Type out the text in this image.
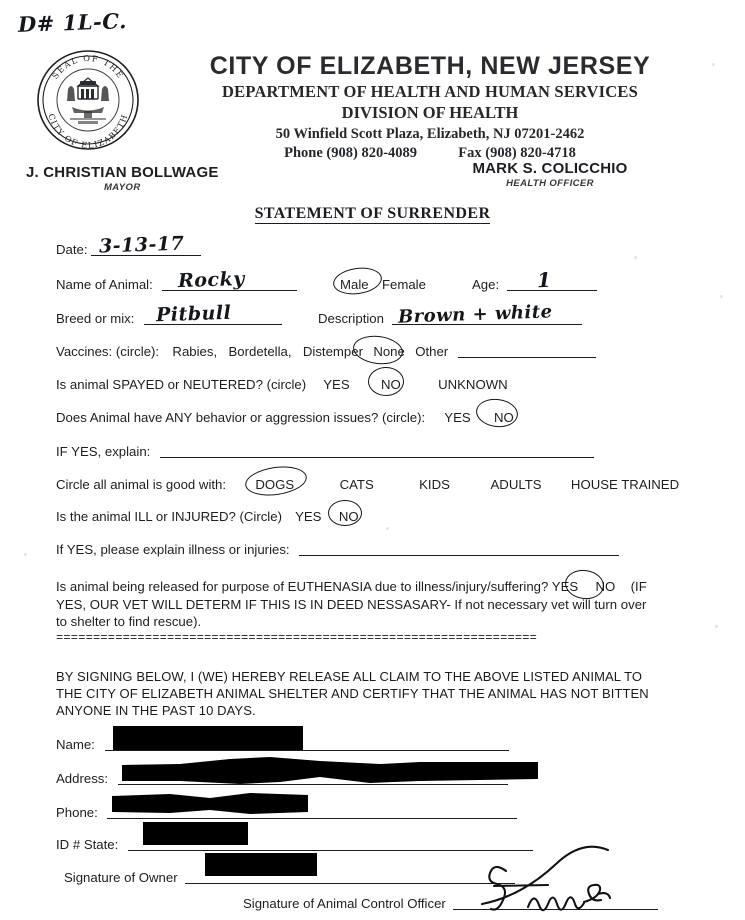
D# 1L-C.
SEAL OF THE
CITY OF ELIZABETH
CITY OF ELIZABETH, NEW JERSEY
DEPARTMENT OF HEALTH AND HUMAN SERVICES
DIVISION OF HEALTH
50 Winfield Scott Plaza, Elizabeth, NJ 07201-2462
Phone (908) 820-4089	Fax (908) 820-4718
J. CHRISTIAN BOLLWAGE
MAYOR
MARK S. COLICCHIO
HEALTH OFFICER
STATEMENT OF SURRENDER
Date: 3-13-17
Name of Animal: Rocky	Male Female	Age: 1
Breed or mix: Pitbull	Description Brown + white
Vaccines: (circle): Rabies, Bordetella, Distemper None Other
Is animal SPAYED or NEUTERED? (circle) YES NO	UNKNOWN
Does Animal have ANY behavior or aggression issues? (circle): YES NO
IF YES, explain:
Circle all animal is good with: DOGS	CATS	KIDS	ADULTS HOUSE TRAINED
Is the animal ILL or INJURED? (Circle) YES NO
If YES, please explain illness or injuries:
Is animal being released for purpose of EUTHENASIA due to illness/injury/suffering? YES NO (IF
YES, OUR VET WILL DETERM IF THIS IS IN DEED NESSASARY- If not necessary vet will turn over
to shelter to find rescue).
=================================================================
BY SIGNING BELOW, I (WE) HEREBY RELEASE ALL CLAIM TO THE ABOVE LISTED ANIMAL TO
THE CITY OF ELIZABETH ANIMAL SHELTER AND CERTIFY THAT THE ANIMAL HAS NOT BITTEN
ANYONE IN THE PAST 10 DAYS.
Name:
Address:
Phone:
ID # State:
Signature of Owner
Signature of Animal Control Officer
